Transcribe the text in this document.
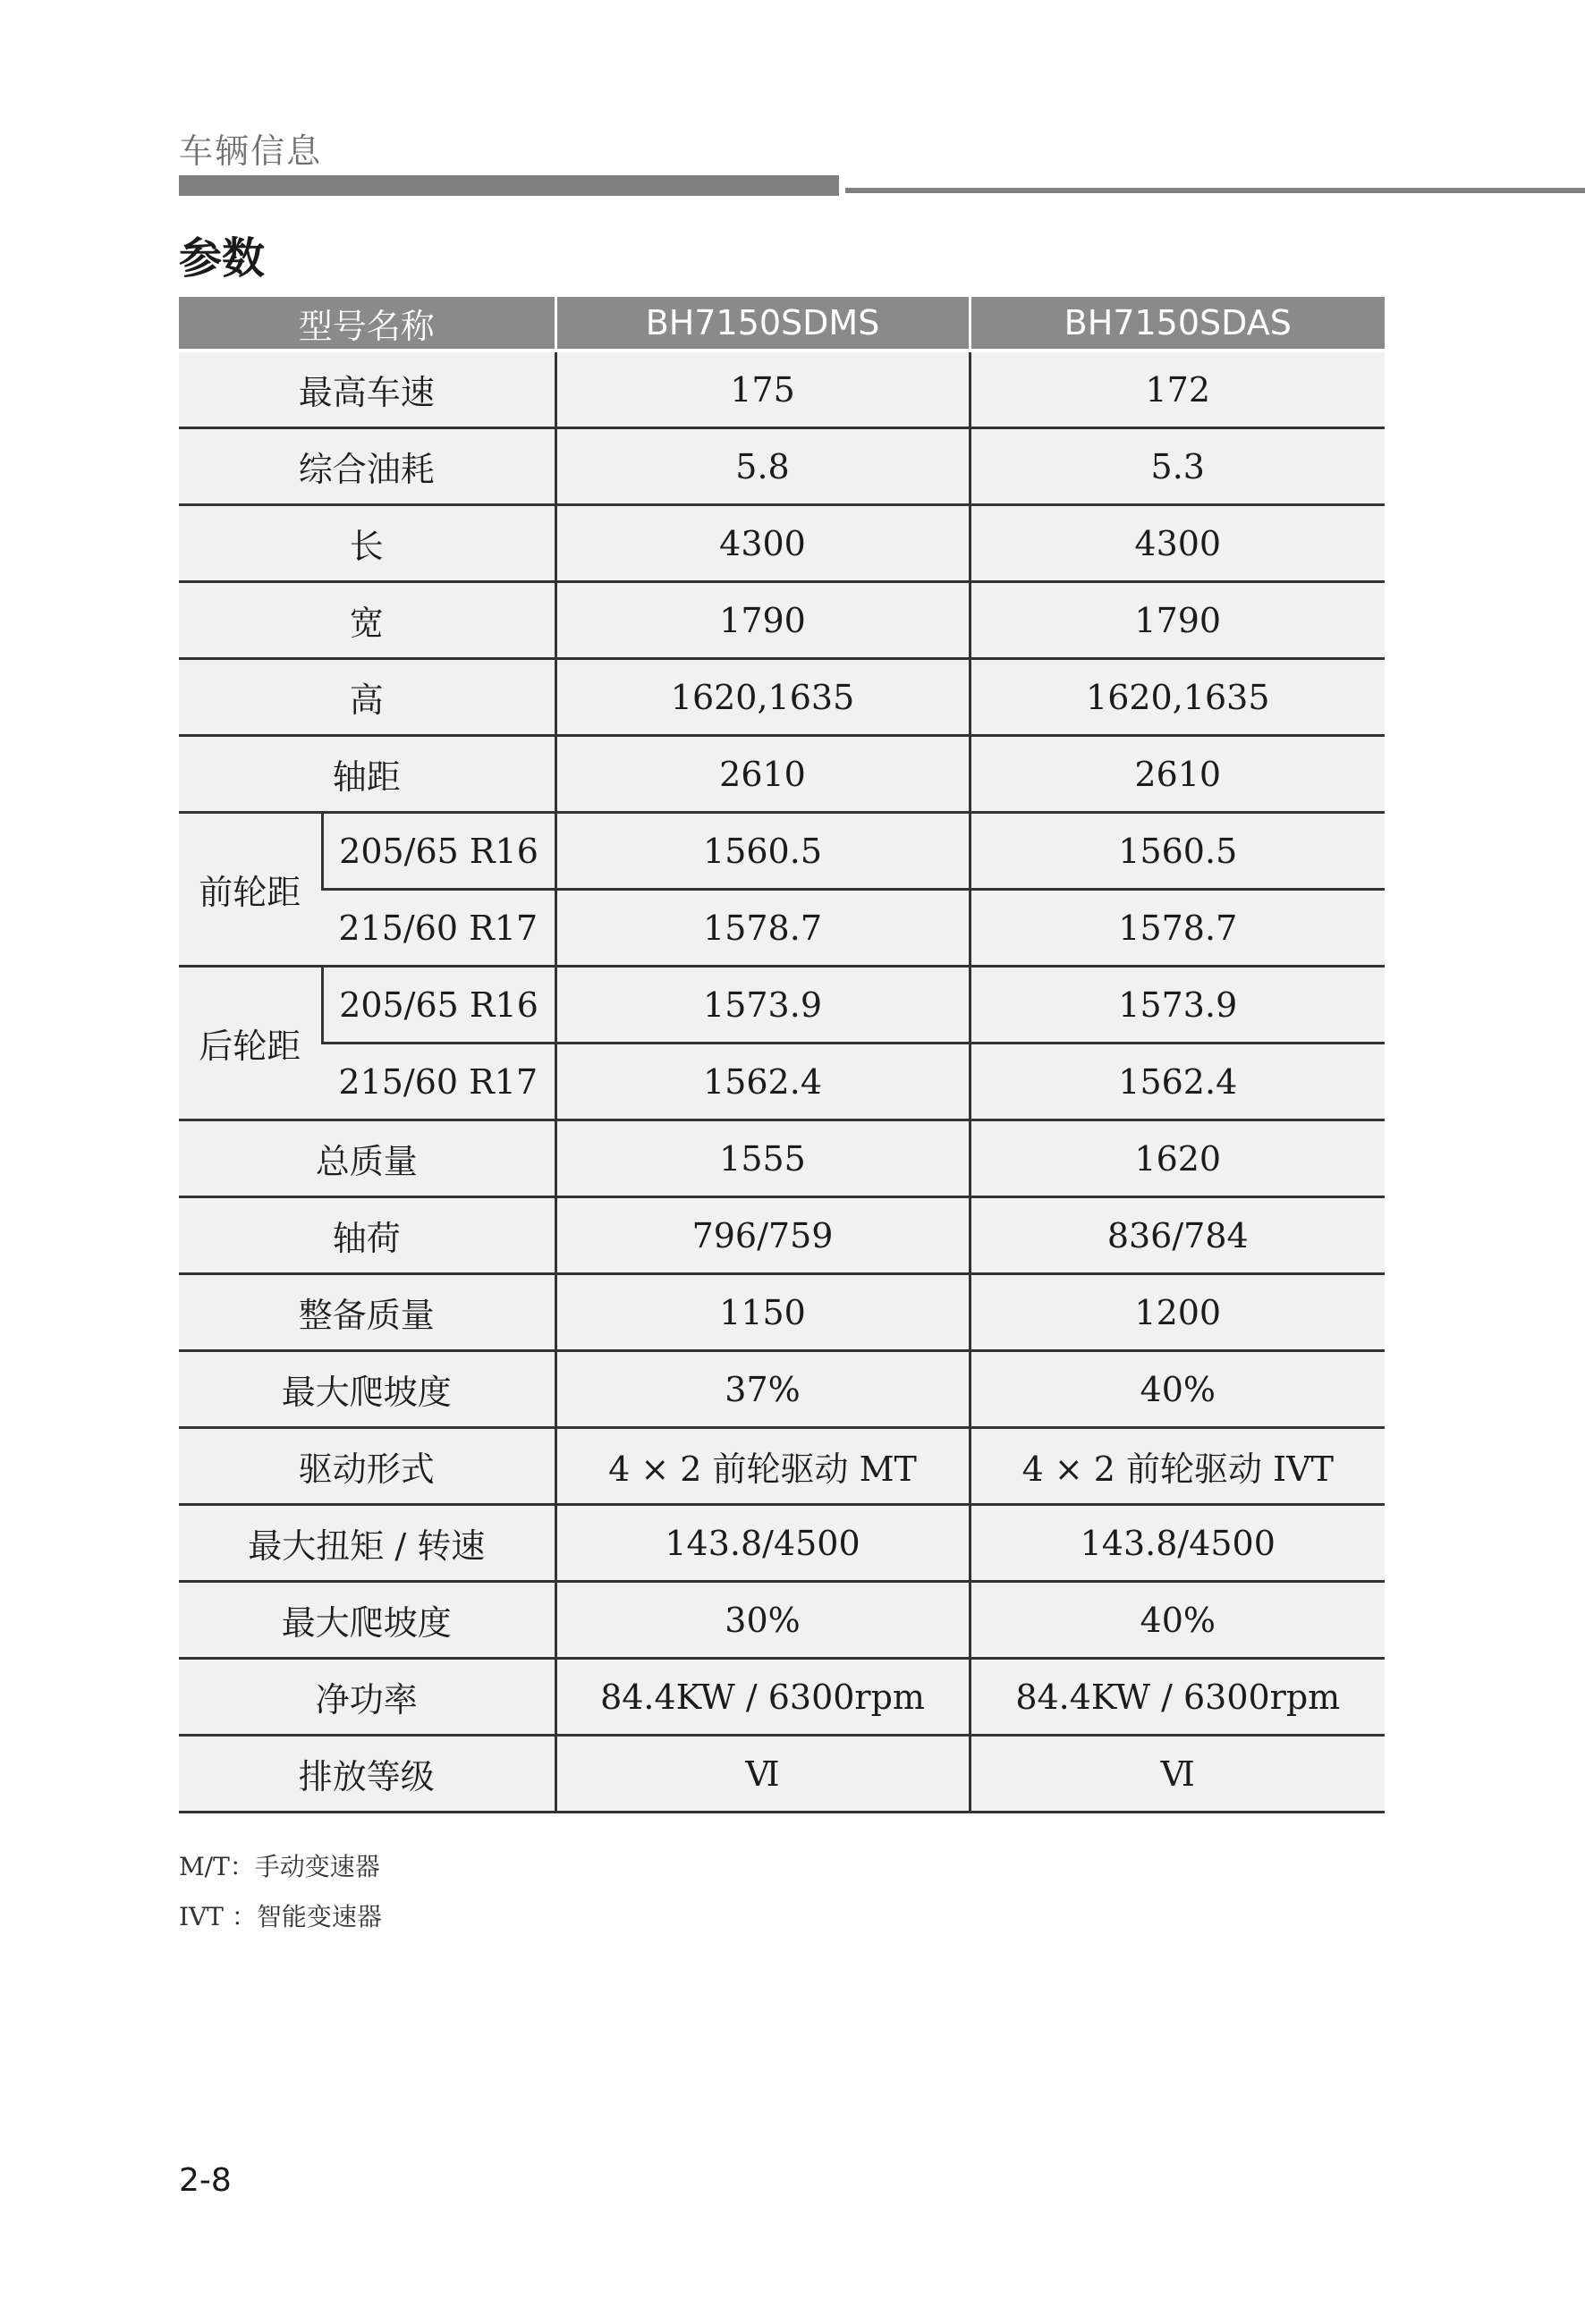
车辆信息
参数
型号名称		BH7150SDMS	BH7150SDAS
最高车速		175	172
综合油耗		5.8	5.3
长		4300	4300
宽		1790	1790
高		1620,1635	1620,1635
轴距		2610	2610
前轮距	205/65 R16	1560.5	1560.5
	215/60 R17	1578.7	1578.7
后轮距	205/65 R16	1573.9	1573.9
	215/60 R17	1562.4	1562.4
总质量		1555	1620
轴荷		796/759	836/784
整备质量		1150	1200
最大爬坡度		37%	40%
驱动形式		4 × 2 前轮驱动 MT	4 × 2 前轮驱动 IVT
最大扭矩 / 转速		143.8/4500	143.8/4500
最大爬坡度		30%	40%
净功率		84.4KW / 6300rpm	84.4KW / 6300rpm
排放等级		Ⅵ	Ⅵ
M/T：手动变速器
IVT ：智能变速器
2-8
